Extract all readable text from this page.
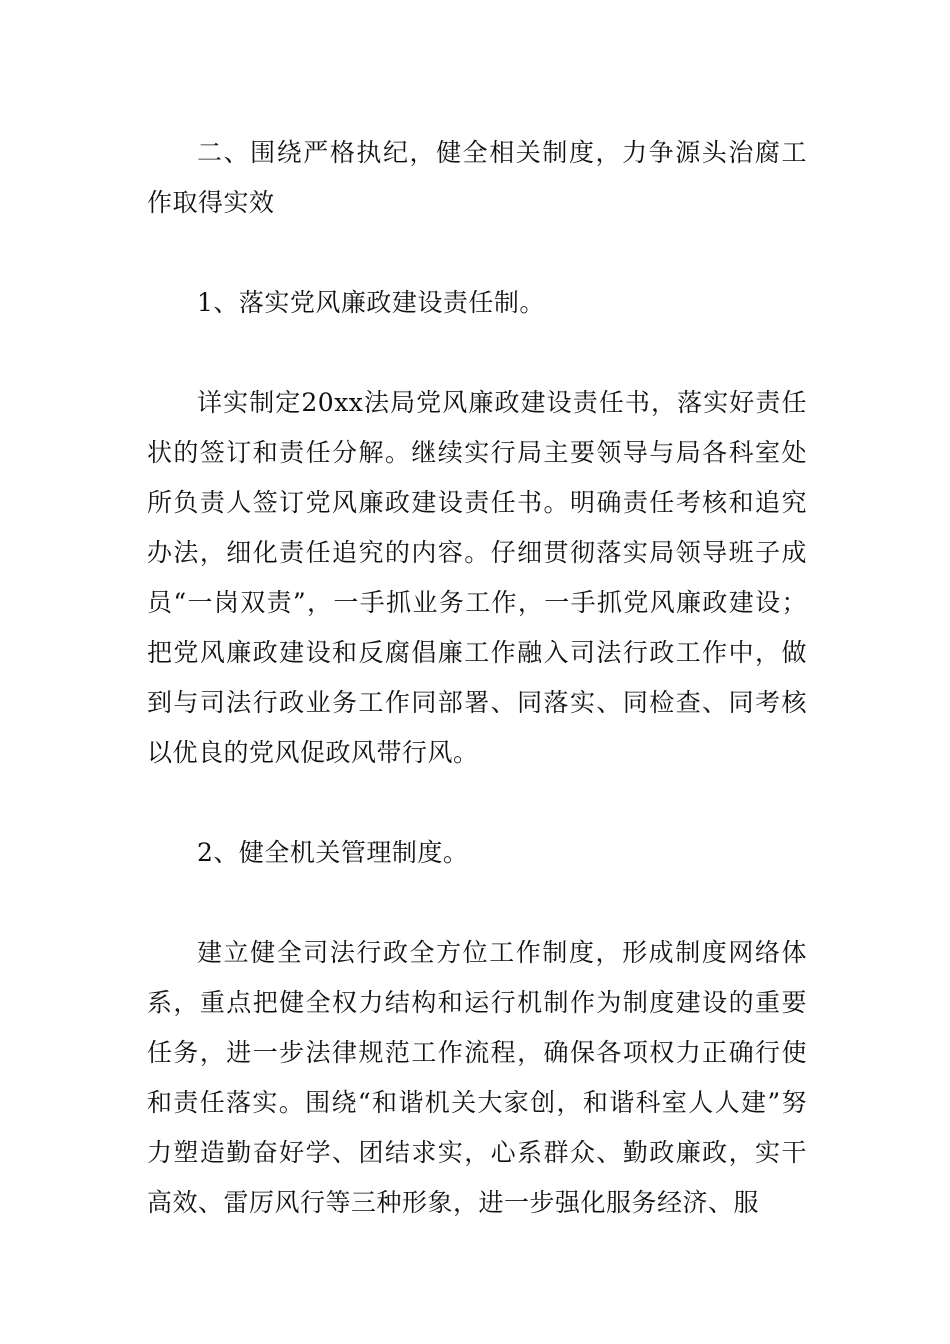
二、围绕严格执纪，健全相关制度，力争源头治腐工作取得实效

1、落实党风廉政建设责任制。

详实制定20xx法局党风廉政建设责任书，落实好责任状的签订和责任分解。继续实行局主要领导与局各科室处所负责人签订党风廉政建设责任书。明确责任考核和追究办法，细化责任追究的内容。仔细贯彻落实局领导班子成员“一岗双责”，一手抓业务工作，一手抓党风廉政建设；把党风廉政建设和反腐倡廉工作融入司法行政工作中，做到与司法行政业务工作同部署、同落实、同检查、同考核以优良的党风促政风带行风。

2、健全机关管理制度。

建立健全司法行政全方位工作制度，形成制度网络体系，重点把健全权力结构和运行机制作为制度建设的重要任务，进一步法律规范工作流程，确保各项权力正确行使和责任落实。围绕“和谐机关大家创，和谐科室人人建”努力塑造勤奋好学、团结求实，心系群众、勤政廉政，实干高效、雷厉风行等三种形象，进一步强化服务经济、服
